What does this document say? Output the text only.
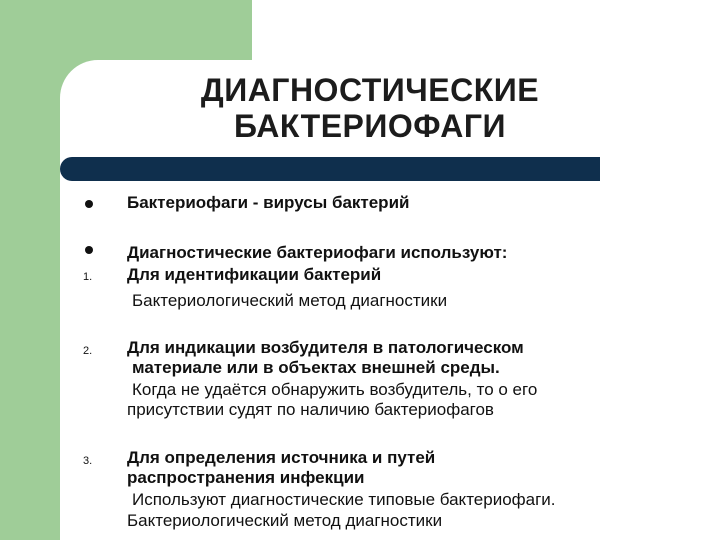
ДИАГНОСТИЧЕСКИЕ
БАКТЕРИОФАГИ
Бактериофаги - вирусы бактерий
Диагностические бактериофаги используют:
1. Для идентификации бактерий
Бактериологический метод диагностики
2. Для индикации возбудителя в патологическом
материале или в объектах внешней среды.
Когда не удаётся обнаружить возбудитель, то о его
присутствии судят по наличию бактериофагов
3. Для определения источника и путей
распространения инфекции
Используют диагностические типовые бактериофаги.
Бактериологический метод диагностики
